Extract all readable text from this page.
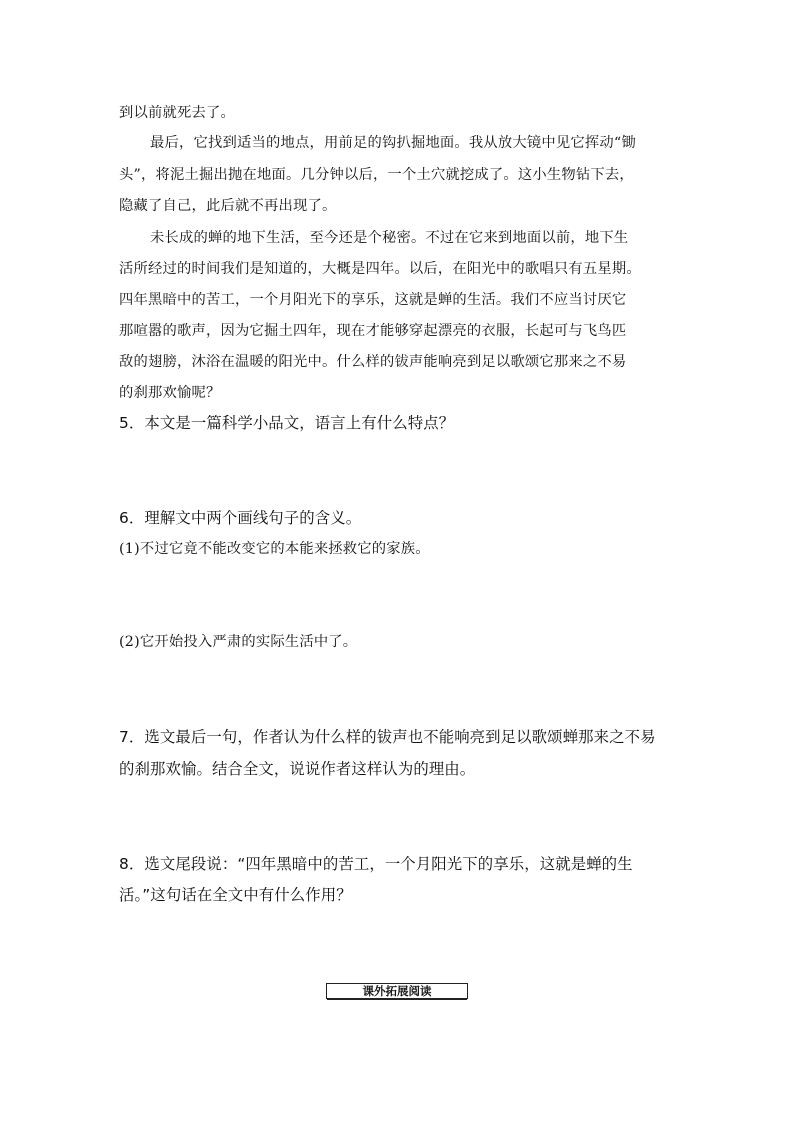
到以前就死去了。
最后，它找到适当的地点，用前足的钩扒掘地面。我从放大镜中见它挥动“锄
头”，将泥土掘出抛在地面。几分钟以后，一个土穴就挖成了。这小生物钻下去，
隐藏了自己，此后就不再出现了。
未长成的蝉的地下生活，至今还是个秘密。不过在它来到地面以前，地下生
活所经过的时间我们是知道的，大概是四年。以后，在阳光中的歌唱只有五星期。
四年黑暗中的苦工，一个月阳光下的享乐，这就是蝉的生活。我们不应当讨厌它
那喧嚣的歌声，因为它掘土四年，现在才能够穿起漂亮的衣服，长起可与飞鸟匹
敌的翅膀，沐浴在温暖的阳光中。什么样的钹声能响亮到足以歌颂它那来之不易
的刹那欢愉呢？
5．本文是一篇科学小品文，语言上有什么特点？
6．理解文中两个画线句子的含义。
(1)不过它竟不能改变它的本能来拯救它的家族。
(2)它开始投入严肃的实际生活中了。
7．选文最后一句，作者认为什么样的钹声也不能响亮到足以歌颂蝉那来之不易
的刹那欢愉。结合全文，说说作者这样认为的理由。
8．选文尾段说：“四年黑暗中的苦工，一个月阳光下的享乐，这就是蝉的生
活。”这句话在全文中有什么作用？
课外拓展阅读
